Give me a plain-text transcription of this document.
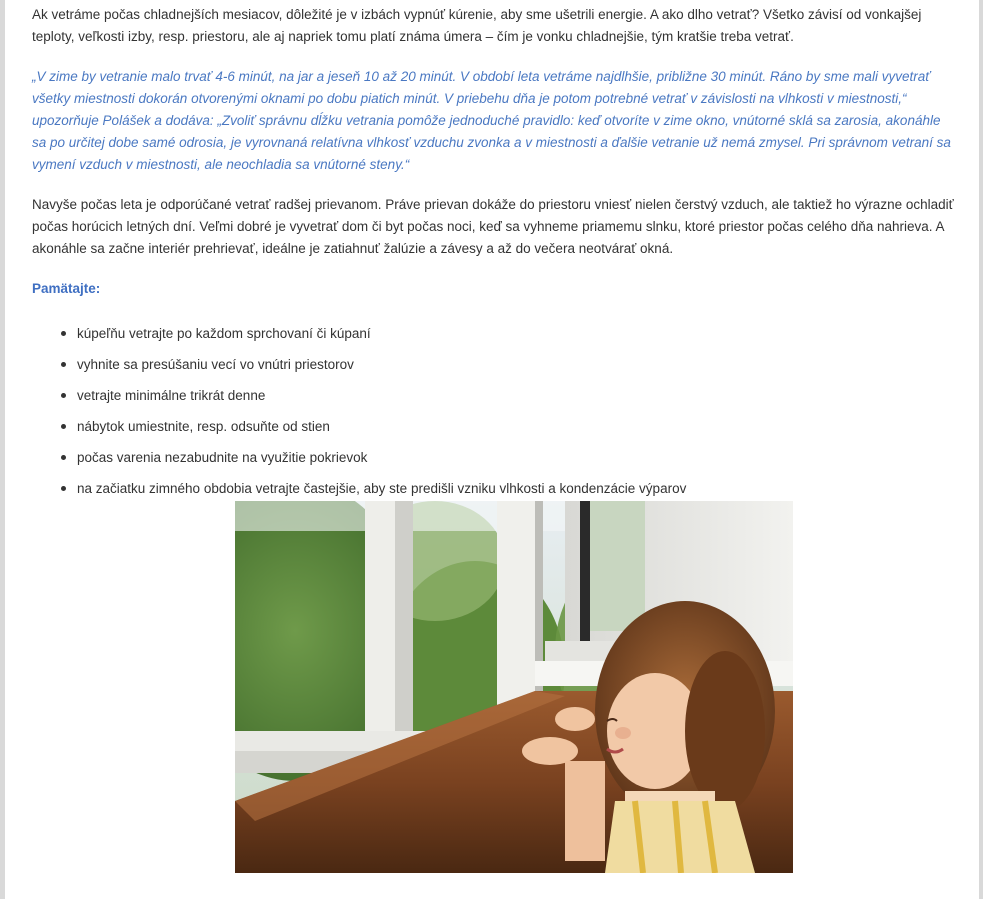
Ak vetráme počas chladnejších mesiacov, dôležité je v izbách vypnúť kúrenie, aby sme ušetrili energie. A ako dlho vetrať? Všetko závisí od vonkajšej teploty, veľkosti izby, resp. priestoru, ale aj napriek tomu platí známa úmera – čím je vonku chladnejšie, tým kratšie treba vetrať.

„V zime by vetranie malo trvať 4-6 minút, na jar a jeseň 10 až 20 minút. V období leta vetráme najdlhšie, približne 30 minút. Ráno by sme mali vyvetrať všetky miestnosti dokorán otvorenými oknami po dobu piatich minút. V priebehu dňa je potom potrebné vetrať v závislosti na vlhkosti v miestnosti,“ upozorňuje Polášek a dodáva: „Zvoliť správnu dĺžku vetrania pomôže jednoduché pravidlo: keď otvoríte v zime okno, vnútorné sklá sa zarosia, akonáhle sa po určitej dobe samé odrosia, je vyrovnaná relatívna vlhkosť vzduchu zvonka a v miestnosti a ďalšie vetranie už nemá zmysel. Pri správnom vetraní sa vymení vzduch v miestnosti, ale neochladia sa vnútorné steny.“

Navyše počas leta je odporúčané vetrať radšej prievanom. Práve prievan dokáže do priestoru vniesť nielen čerstvý vzduch, ale taktiež ho výrazne ochladiť počas horúcich letných dní. Veľmi dobré je vyvetrať dom či byt počas noci, keď sa vyhneme priamemu slnku, ktoré priestor počas celého dňa nahrieva. A akonáhle sa začne interiér prehrievať, ideálne je zatiahnuť žalúzie a závesy a až do večera neotvárať okná.

Pamätajte:

kúpeľňu vetrajte po každom sprchovaní či kúpaní
vyhnite sa presúšaniu vecí vo vnútri priestorov
vetrajte minimálne trikrát denne
nábytok umiestnite, resp. odsuňte od stien
počas varenia nezabudnite na využitie pokrievok
na začiatku zimného obdobia vetrajte častejšie, aby ste predišli vzniku vlhkosti a kondenzácie výparov
